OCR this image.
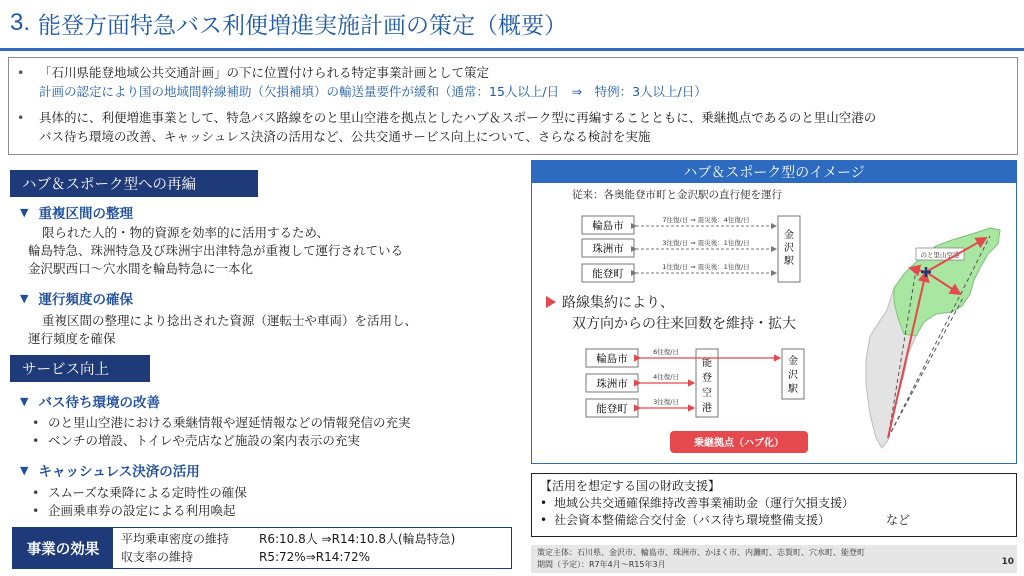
3. 能登方面特急バス利便増進実施計画の策定（概要）
•	「石川県能登地域公共交通計画」の下に位置付けられる特定事業計画として策定
計画の認定により国の地域間幹線補助（欠損補填）の輸送量要件が緩和（通常：15人以上/日　⇒　特例：3人以上/日）
•	具体的に、利便増進事業として、特急バス路線をのと里山空港を拠点としたハブ＆スポーク型に再編することともに、乗継拠点であるのと里山空港の
バス待ち環境の改善、キャッシュレス決済の活用など、公共交通サービス向上について、さらなる検討を実施
ハブ＆スポーク型への再編
▼ 重複区間の整理
限られた人的・物的資源を効率的に活用するため、
輪島特急、珠洲特急及び珠洲宇出津特急が重複して運行されている
金沢駅西口～穴水間を輪島特急に一本化
▼ 運行頻度の確保
重複区間の整理により捻出された資源（運転士や車両）を活用し、
運行頻度を確保
サービス向上
▼ バス待ち環境の改善
• のと里山空港における乗継情報や遅延情報などの情報発信の充実
• ベンチの増設、トイレや売店など施設の案内表示の充実
▼ キャッシュレス決済の活用
• スムーズな乗降による定時性の確保
• 企画乗車券の設定による利用喚起
事業の効果
平均乗車密度の維持	R6:10.8人 ⇒R14:10.8人(輪島特急)
収支率の維持	R5:72%⇒R14:72%
ハブ＆スポーク型のイメージ
従来：各奥能登市町と金沢駅の直行便を運行
輪島市
珠洲市
能登町
金
沢
駅
7往復/日 ⇒ 震災後：4往復/日
3往復/日 ⇒ 震災後：1往復/日
1往復/日 ⇒ 震災後：1往復/日
路線集約により、
双方向からの往来回数を維持・拡大
輪島市
珠洲市
能登町
能
登
空
港
金
沢
駅
6往復/日
4往復/日
3往復/日
乗継拠点（ハブ化）
のと里山空港
【活用を想定する国の財政支援】
• 地域公共交通確保維持改善事業補助金（運行欠損支援）
• 社会資本整備総合交付金（バス待ち環境整備支援）	など
策定主体：石川県、金沢市、輪島市、珠洲市、かほく市、内灘町、志賀町、穴水町、能登町
期間（予定）：R7年4月～R15年3月	10
